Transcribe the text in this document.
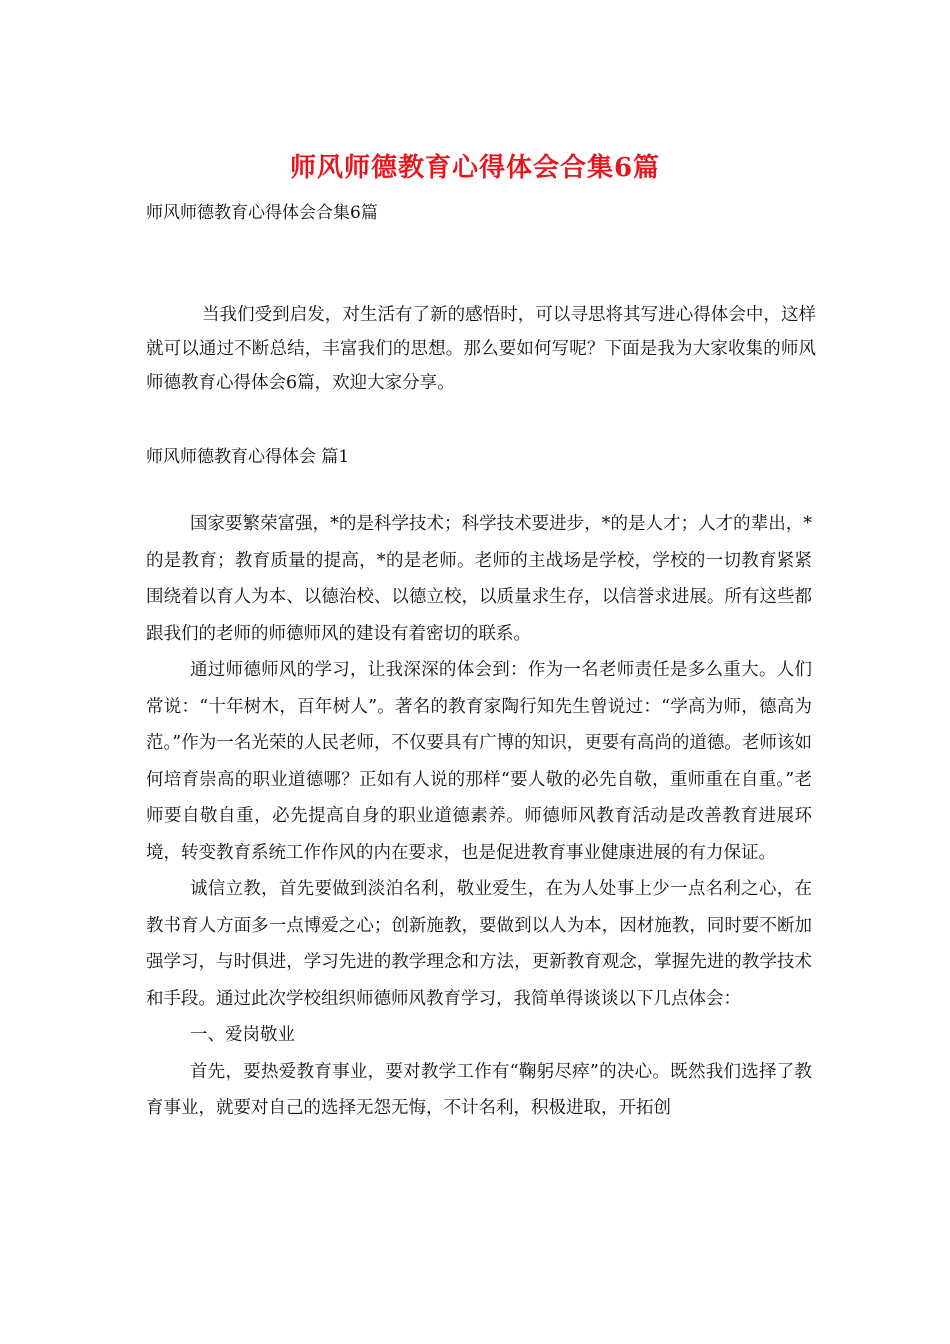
师风师德教育心得体会合集6篇
师风师德教育心得体会合集6篇
当我们受到启发，对生活有了新的感悟时，可以寻思将其写进心得体会中，这样就可以通过不断总结，丰富我们的思想。那么要如何写呢？下面是我为大家收集的师风师德教育心得体会6篇，欢迎大家分享。
师风师德教育心得体会 篇1

国家要繁荣富强，*的是科学技术；科学技术要进步，*的是人才；人才的辈出，*的是教育；教育质量的提高，*的是老师。老师的主战场是学校，学校的一切教育紧紧围绕着以育人为本、以德治校、以德立校，以质量求生存，以信誉求进展。所有这些都跟我们的老师的师德师风的建设有着密切的联系。

通过师德师风的学习，让我深深的体会到：作为一名老师责任是多么重大。人们常说：“十年树木，百年树人”。著名的教育家陶行知先生曾说过：“学高为师，德高为范。”作为一名光荣的人民老师，不仅要具有广博的知识，更要有高尚的道德。老师该如何培育崇高的职业道德哪？正如有人说的那样“要人敬的必先自敬，重师重在自重。”老师要自敬自重，必先提高自身的职业道德素养。师德师风教育活动是改善教育进展环境，转变教育系统工作作风的内在要求，也是促进教育事业健康进展的有力保证。

诚信立教，首先要做到淡泊名利，敬业爱生，在为人处事上少一点名利之心，在教书育人方面多一点博爱之心；创新施教，要做到以人为本，因材施教，同时要不断加强学习，与时俱进，学习先进的教学理念和方法，更新教育观念，掌握先进的教学技术和手段。通过此次学校组织师德师风教育学习，我简单得谈谈以下几点体会：

一、爱岗敬业

首先，要热爱教育事业，要对教学工作有“鞠躬尽瘁”的决心。既然我们选择了教育事业，就要对自己的选择无怨无悔，不计名利，积极进取，开拓创
